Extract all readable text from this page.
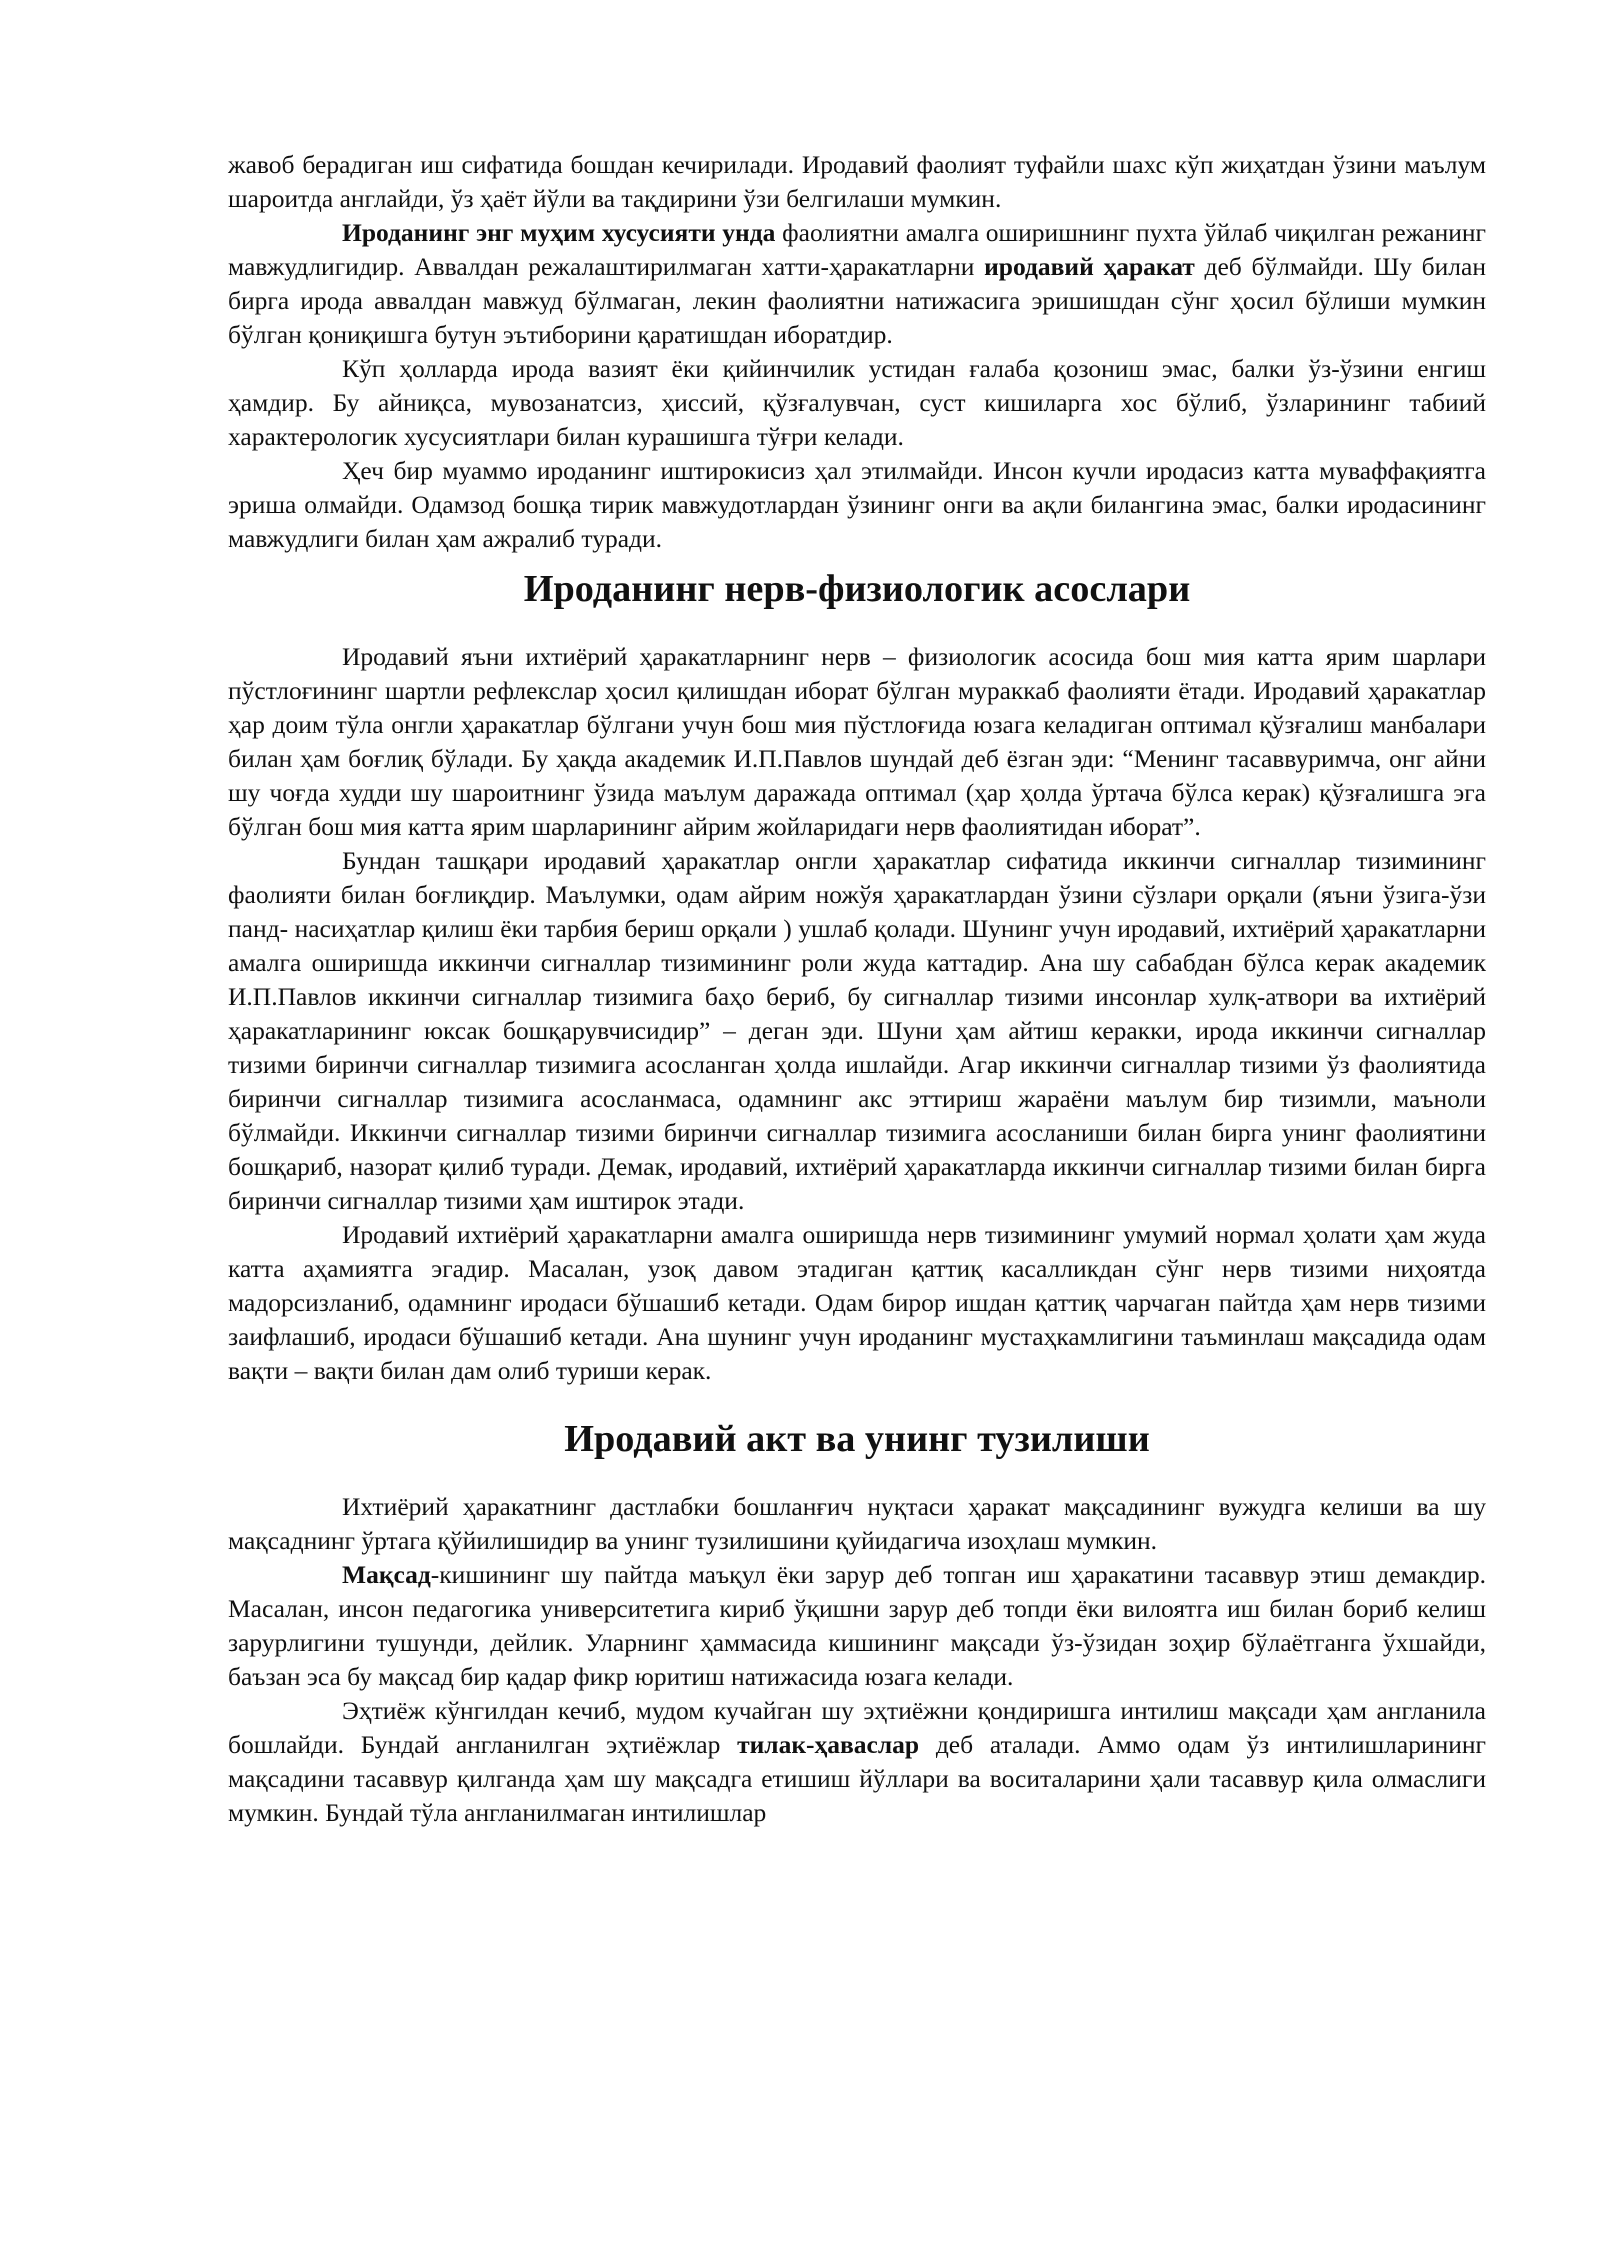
жавоб берадиган иш сифатида бошдан кечирилади. Иродавий фаолият туфайли шахс кўп жиҳатдан ўзини маълум шароитда англайди, ўз ҳаёт йўли ва тақдирини ўзи белгилаши мумкин.

Ироданинг энг муҳим хусусияти унда фаолиятни амалга оширишнинг пухта ўйлаб чиқилган режанинг мавжудлигидир. Аввалдан режалаштирилмаган хатти-ҳаракатларни иродавий ҳаракат деб бўлмайди. Шу билан бирга ирода аввалдан мавжуд бўлмаган, лекин фаолиятни натижасига эришишдан сўнг ҳосил бўлиши мумкин бўлган қониқишга бутун эътиборини қаратишдан иборатдир.

Кўп ҳолларда ирода вазият ёки қийинчилик устидан ғалаба қозониш эмас, балки ўз-ўзини енгиш ҳамдир. Бу айниқса, мувозанатсиз, ҳиссий, қўзғалувчан, суст кишиларга хос бўлиб, ўзларининг табиий характерологик хусусиятлари билан курашишга тўғри келади.

Ҳеч бир муаммо ироданинг иштирокисиз ҳал этилмайди. Инсон кучли иродасиз катта муваффақиятга эриша олмайди. Одамзод бошқа тирик мавжудотлардан ўзининг онги ва ақли билангина эмас, балки иродасининг мавжудлиги билан ҳам ажралиб туради.

Ироданинг нерв-физиологик асослари

Иродавий яъни ихтиёрий ҳаракатларнинг нерв – физиологик асосида бош мия катта ярим шарлари пўстлоғининг шартли рефлекслар ҳосил қилишдан иборат бўлган мураккаб фаолияти ётади. Иродавий ҳаракатлар ҳар доим тўла онгли ҳаракатлар бўлгани учун бош мия пўстлоғида юзага келадиган оптимал қўзғалиш манбалари билан ҳам боғлиқ бўлади. Бу ҳақда академик И.П.Павлов шундай деб ёзган эди: “Менинг тасаввуримча, онг айни шу чоғда худди шу шароитнинг ўзида маълум даражада оптимал (ҳар ҳолда ўртача бўлса керак) қўзғалишга эга бўлган бош мия катта ярим шарларининг айрим жойларидаги нерв фаолиятидан иборат”.

Бундан ташқари иродавий ҳаракатлар онгли ҳаракатлар сифатида иккинчи сигналлар тизимининг фаолияти билан боғлиқдир. Маълумки, одам айрим ножўя ҳаракатлардан ўзини сўзлари орқали (яъни ўзига-ўзи панд- насиҳатлар қилиш ёки тарбия бериш орқали ) ушлаб қолади. Шунинг учун иродавий, ихтиёрий ҳаракатларни амалга оширишда иккинчи сигналлар тизимининг роли жуда каттадир. Ана шу сабабдан бўлса керак академик И.П.Павлов иккинчи сигналлар тизимига баҳо бериб, бу сигналлар тизими инсонлар хулқ-атвори ва ихтиёрий ҳаракатларининг юксак бошқарувчисидир” – деган эди. Шуни ҳам айтиш керакки, ирода иккинчи сигналлар тизими биринчи сигналлар тизимига асосланган ҳолда ишлайди. Агар иккинчи сигналлар тизими ўз фаолиятида биринчи сигналлар тизимига асосланмаса, одамнинг акс эттириш жараёни маълум бир тизимли, маъноли бўлмайди. Иккинчи сигналлар тизими биринчи сигналлар тизимига асосланиши билан бирга унинг фаолиятини бошқариб, назорат қилиб туради. Демак, иродавий, ихтиёрий ҳаракатларда иккинчи сигналлар тизими билан бирга биринчи сигналлар тизими ҳам иштирок этади.

Иродавий ихтиёрий ҳаракатларни амалга оширишда нерв тизимининг умумий нормал ҳолати ҳам жуда катта аҳамиятга эгадир. Масалан, узоқ давом этадиган қаттиқ касалликдан сўнг нерв тизими ниҳоятда мадорсизланиб, одамнинг иродаси бўшашиб кетади. Одам бирор ишдан қаттиқ чарчаган пайтда ҳам нерв тизими заифлашиб, иродаси бўшашиб кетади. Ана шунинг учун ироданинг мустаҳкамлигини таъминлаш мақсадида одам вақти – вақти билан дам олиб туриши керак.

Иродавий акт ва унинг тузилиши

Ихтиёрий ҳаракатнинг дастлабки бошланғич нуқтаси ҳаракат мақсадининг вужудга келиши ва шу мақсаднинг ўртага қўйилишидир ва унинг тузилишини қуйидагича изоҳлаш мумкин.

Мақсад-кишининг шу пайтда маъқул ёки зарур деб топган иш ҳаракатини тасаввур этиш демакдир. Масалан, инсон педагогика университетига кириб ўқишни зарур деб топди ёки вилоятга иш билан бориб келиш зарурлигини тушунди, дейлик. Уларнинг ҳаммасида кишининг мақсади ўз-ўзидан зоҳир бўлаётганга ўхшайди, баъзан эса бу мақсад бир қадар фикр юритиш натижасида юзага келади.

Эҳтиёж кўнгилдан кечиб, мудом кучайган шу эҳтиёжни қондиришга интилиш мақсади ҳам англанила бошлайди. Бундай англанилган эҳтиёжлар тилак-ҳаваслар деб аталади. Аммо одам ўз интилишларининг мақсадини тасаввур қилганда ҳам шу мақсадга етишиш йўллари ва воситаларини ҳали тасаввур қила олмаслиги мумкин. Бундай тўла англанилмаган интилишлар
